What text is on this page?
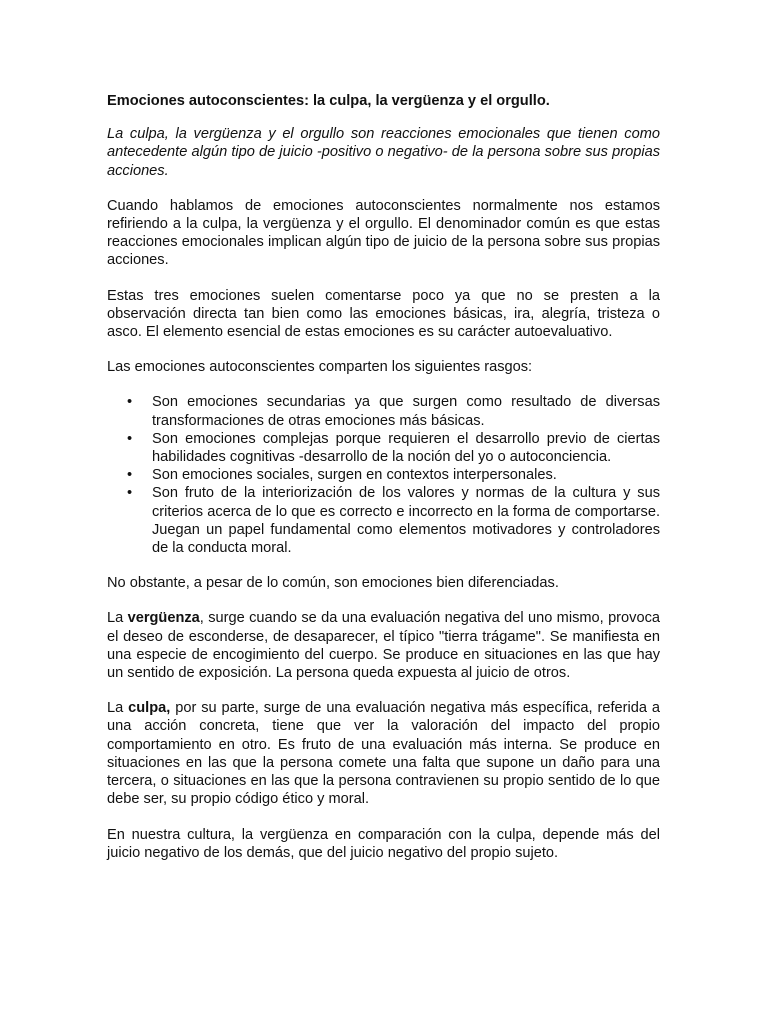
Emociones autoconscientes: la culpa, la vergüenza y el orgullo.

La culpa, la vergüenza y el orgullo son reacciones emocionales que tienen como antecedente algún tipo de juicio -positivo o negativo- de la persona sobre sus propias acciones.

Cuando hablamos de emociones autoconscientes normalmente nos estamos refiriendo a la culpa, la vergüenza y el orgullo. El denominador común es que estas reacciones emocionales implican algún tipo de juicio de la persona sobre sus propias acciones.

Estas tres emociones suelen comentarse poco ya que no se presten a la observación directa tan bien como las emociones básicas, ira, alegría, tristeza o asco. El elemento esencial de estas emociones es su carácter autoevaluativo.

Las emociones autoconscientes comparten los siguientes rasgos:

• Son emociones secundarias ya que surgen como resultado de diversas transformaciones de otras emociones más básicas.
• Son emociones complejas porque requieren el desarrollo previo de ciertas habilidades cognitivas -desarrollo de la noción del yo o autoconciencia.
• Son emociones sociales, surgen en contextos interpersonales.
• Son fruto de la interiorización de los valores y normas de la cultura y sus criterios acerca de lo que es correcto e incorrecto en la forma de comportarse. Juegan un papel fundamental como elementos motivadores y controladores de la conducta moral.

No obstante, a pesar de lo común, son emociones bien diferenciadas.

La vergüenza, surge cuando se da una evaluación negativa del uno mismo, provoca el deseo de esconderse, de desaparecer, el típico "tierra trágame". Se manifiesta en una especie de encogimiento del cuerpo. Se produce en situaciones en las que hay un sentido de exposición. La persona queda expuesta al juicio de otros.

La culpa, por su parte, surge de una evaluación negativa más específica, referida a una acción concreta, tiene que ver la valoración del impacto del propio comportamiento en otro. Es fruto de una evaluación más interna. Se produce en situaciones en las que la persona comete una falta que supone un daño para una tercera, o situaciones en las que la persona contravienen su propio sentido de lo que debe ser, su propio código ético y moral.

En nuestra cultura, la vergüenza en comparación con la culpa, depende más del juicio negativo de los demás, que del juicio negativo del propio sujeto.
